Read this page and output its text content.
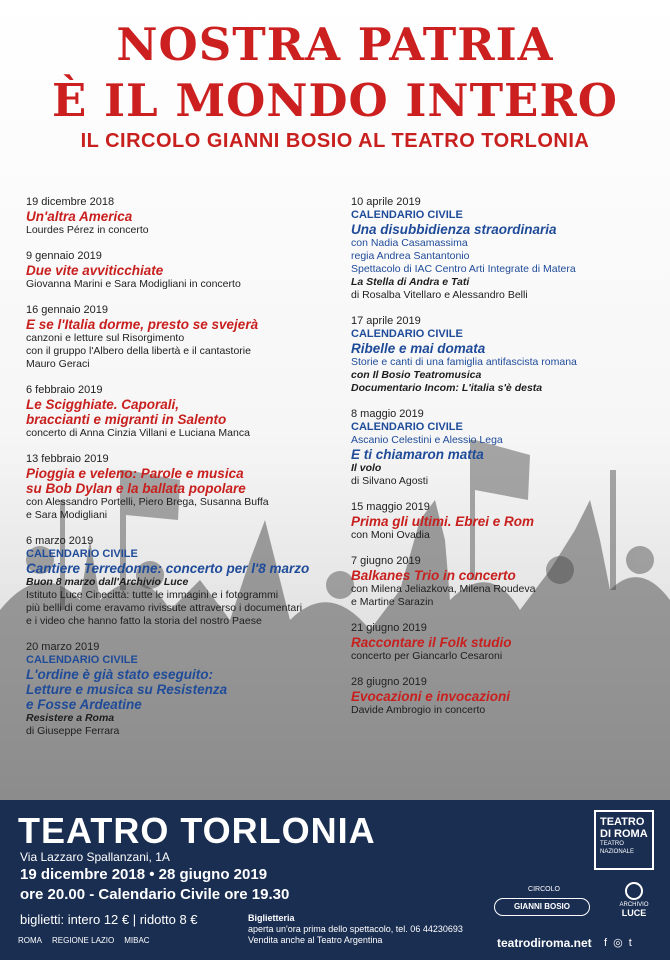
NOSTRA PATRIA
È IL MONDO INTERO
IL CIRCOLO GIANNI BOSIO AL TEATRO TORLONIA
19 dicembre 2018
Un'altra America
Lourdes Pérez in concerto
9 gennaio 2019
Due vite avviticchiate
Giovanna Marini e Sara Modigliani in concerto
16 gennaio 2019
E se l'Italia dorme, presto se svejerà
canzoni e letture sul Risorgimento
con il gruppo l'Albero della libertà e il cantastorie
Mauro Geraci
6 febbraio 2019
Le Scigghiate. Caporali,
braccianti e migranti in Salento
concerto di Anna Cinzia Villani e Luciana Manca
13 febbraio 2019
Pioggia e veleno: Parole e musica
su Bob Dylan e la ballata popolare
con Alessandro Portelli, Piero Brega, Susanna Buffa
e Sara Modigliani
6 marzo 2019
CALENDARIO CIVILE
Cantiere Terredonne: concerto per l'8 marzo
Buon 8 marzo dall'Archivio Luce
Istituto Luce Cinecittà: tutte le immagini e i fotogrammi
più belli di come eravamo rivissute attraverso i documentari
e i video che hanno fatto la storia del nostro Paese
20 marzo 2019
CALENDARIO CIVILE
L'ordine è già stato eseguito:
Letture e musica su Resistenza
e Fosse Ardeatine
Resistere a Roma
di Giuseppe Ferrara
10 aprile 2019
CALENDARIO CIVILE
Una disubbidienza straordinaria
con Nadia Casamassima
regia Andrea Santantonio
Spettacolo di IAC Centro Arti Integrate di Matera
La Stella di Andra e Tati
di Rosalba Vitellaro e Alessandro Belli
17 aprile 2019
CALENDARIO CIVILE
Ribelle e mai domata
Storie e canti di una famiglia antifascista romana
con Il Bosio Teatromusica
Documentario Incom: L'italia s'è desta
8 maggio 2019
CALENDARIO CIVILE
Ascanio Celestini e Alessio Lega
E ti chiamaron matta
Il volo
di Silvano Agosti
15 maggio 2019
Prima gli ultimi. Ebrei e Rom
con Moni Ovadia
7 giugno 2019
Balkanes Trio in concerto
con Milena Jeliazkova, Milena Roudeva
e Martine Sarazin
21 giugno 2019
Raccontare il Folk studio
concerto per Giancarlo Cesaroni
28 giugno 2019
Evocazioni e invocazioni
Davide Ambrogio in concerto
TEATRO TORLONIA
Via Lazzaro Spallanzani, 1A
19 dicembre 2018 • 28 giugno 2019
ore 20.00 - Calendario Civile ore 19.30
biglietti: intero 12 € | ridotto 8 €
TEATRO
DI ROMA
TEATRO NAZIONALE
CIRCOLO
GIANNI BOSIO	ARCHIVIO
LUCE
Biglietteria
aperta un'ora prima dello spettacolo, tel. 06 44230693
Vendita anche al Teatro Argentina
ROMA REGIONE LAZIO MIBAC	teatrodiroma.net f ◎ t
